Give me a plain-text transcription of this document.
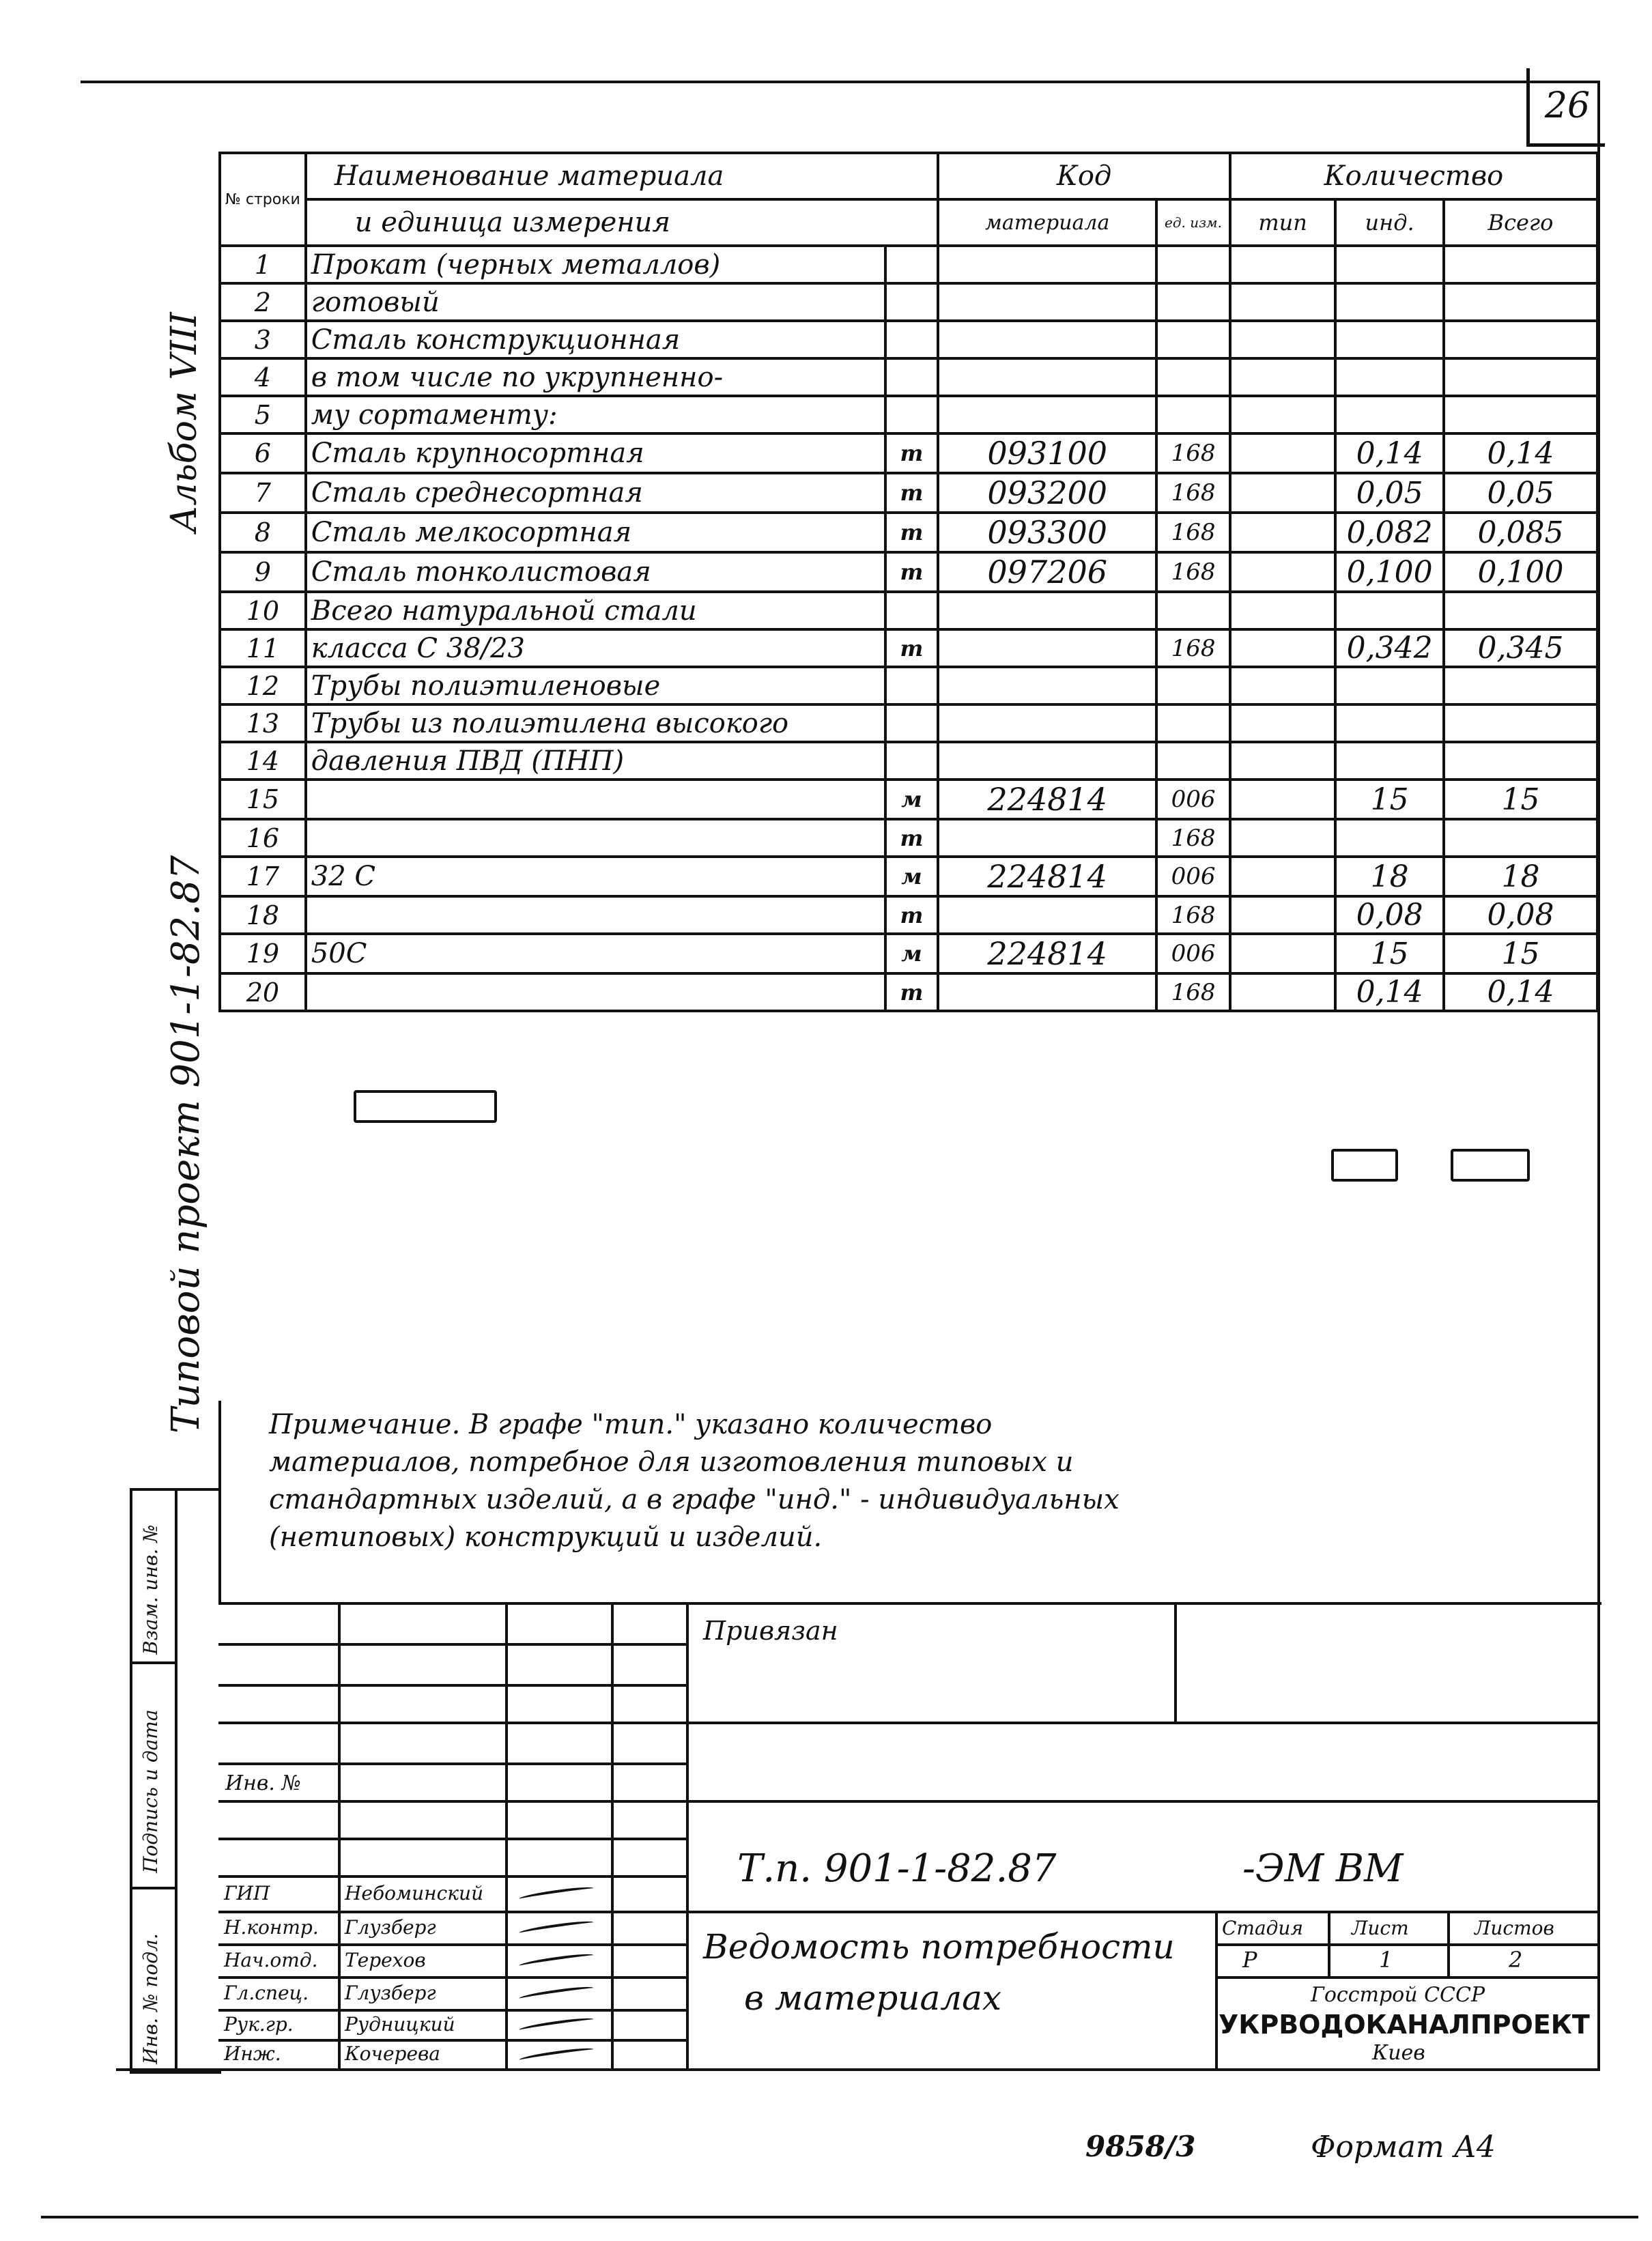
26
Альбом VIII
Типовой проект 901-1-82.87
№ строки	Наименование материала		Код		Количество		
	и единица измерения		материала	ед. изм.	тип	инд.	Всего
1	Прокат (черных металлов)						
2	готовый						
3	Сталь конструкционная						
4	в том числе по укрупненно-						
5	му сортаменту:						
6	Сталь крупносортная	т	093100	168		0,14	0,14
7	Сталь среднесортная	т	093200	168		0,05	0,05
8	Сталь мелкосортная	т	093300	168		0,082	0,085
9	Сталь тонколистовая	т	097206	168		0,100	0,100
10	Всего натуральной стали						
11	класса С 38/23	т		168		0,342	0,345
12	Трубы полиэтиленовые						
13	Трубы из полиэтилена высокого						
14	давления ПВД (ПНП)						
15		м	224814	006		15	15
16		т		168			
17	32 С	м	224814	006		18	18
18		т		168		0,08	0,08
19	50С	м	224814	006		15	15
20		т		168		0,14	0,14
Примечание. В графе "тип." указано количество
материалов, потребное для изготовления типовых и
стандартных изделий, а в графе "инд." - индивидуальных
(нетиповых) конструкций и изделий.
Взам. инв. №
Подпись и дата
Инв. № подл.
Привязан
Инв. №
Т.п. 901-1-82.87	-ЭМ ВМ
Ведомость потребности
в материалах
Стадия	Лист	Листов
Р	1	2
Госстрой СССР
УКРВОДОКАНАЛПРОЕКТ
Киев
ГИП	Небоминский
Н.контр. Глузберг
Нач.отд. Терехов
Гл.спец. Глузберг
Рук.гр.	Рудницкий
Инж.	Кочерева
9858/3	Формат А4
